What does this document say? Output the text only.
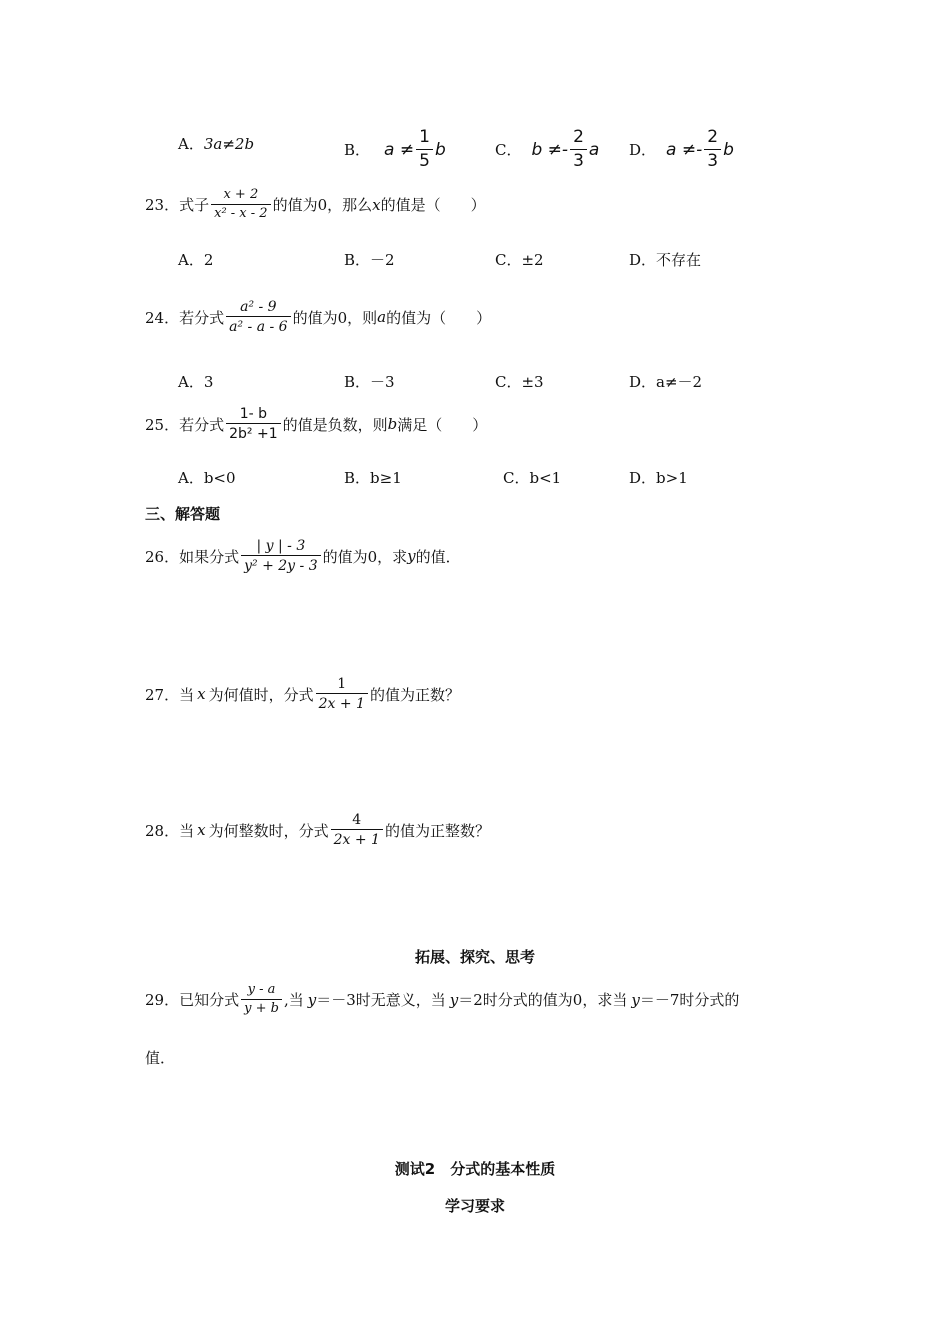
A． 3a≠2b	B． $a \ne \frac{1}{5}$ b	C． $b \ne- \frac{2}{3}$ a D． $a \ne- \frac{2}{3}$ b
23． 式子 $\frac{x + 2}{\text{x² - x - 2}}$ 的值为0，那么 x 的值是（　　）
A．2	B．－2	C．±2	D．不存在
24． 若分式 $\frac{\text{a² - 9}}{\text{a² - a - 6}}$ 的值为0，则 a 的值为（　　）
A．3	B．－3	C．±3	D．a≠－2
25． 若分式 $\frac{1- b}{\text{2b² +1}}$ 的值是负数，则 b 满足（　　）
A．b<0	B．b≥1	C．b<1	D．b>1
三、解答题
26． 如果分式 $\frac{| y | - 3}{\text{y² + 2y - 3}}$ 的值为0，求 y 的值．
27． 当 x 为何值时，分式 $\frac{1}{2x + 1}$ 的值为正数？
28． 当 x 为何整数时，分式 $\frac{4}{2x + 1}$ 的值为正整数？
拓展、探究、思考
29． 已知分式 $\frac{y - a}{y + b}$ ,当 y ＝－3时无意义，当 y ＝2时分式的值为0，求当 y ＝－7时分式的
值．
测试2　分式的基本性质
学习要求
